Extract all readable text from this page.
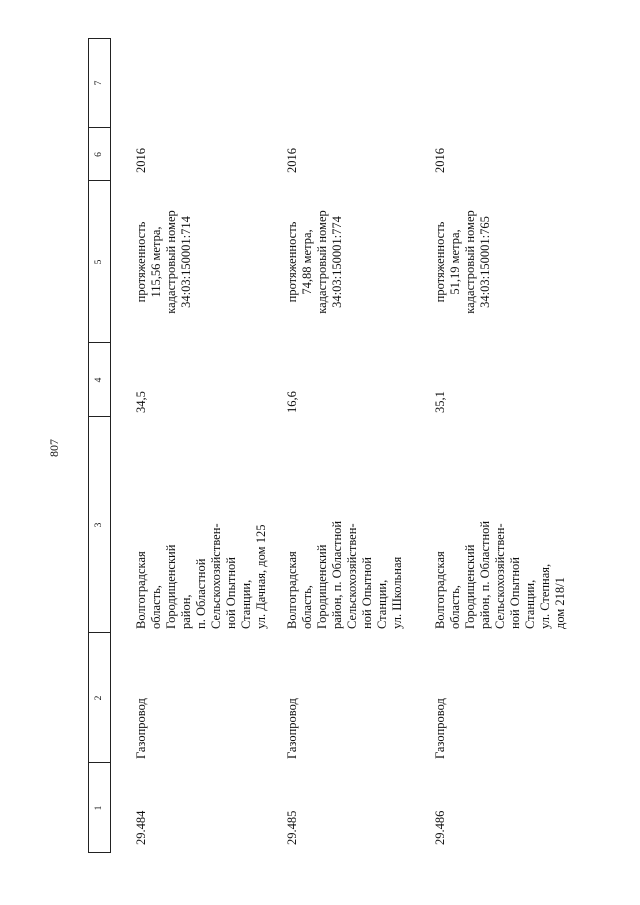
807
1
2
3
4
5
6
7
29.484
Газопровод
Волгоградская
область,
Городищенский
район,
п. Областной
Сельскохозяйствен-
ной Опытной
Станции,
ул. Дачная, дом 125
34,5
протяженность
115,56 метра,
кадастровый номер
34:03:150001:714
2016
29.485
Газопровод
Волгоградская
область,
Городищенский
район, п. Областной
Сельскохозяйствен-
ной Опытной
Станции,
ул. Школьная
16,6
протяженность
74,88 метра,
кадастровый номер
34:03:150001:774
2016
29.486
Газопровод
Волгоградская
область,
Городищенский
район, п. Областной
Сельскохозяйствен-
ной Опытной
Станции,
ул. Степная,
дом 218/1
35,1
протяженность
51,19 метра,
кадастровый номер
34:03:150001:765
2016
